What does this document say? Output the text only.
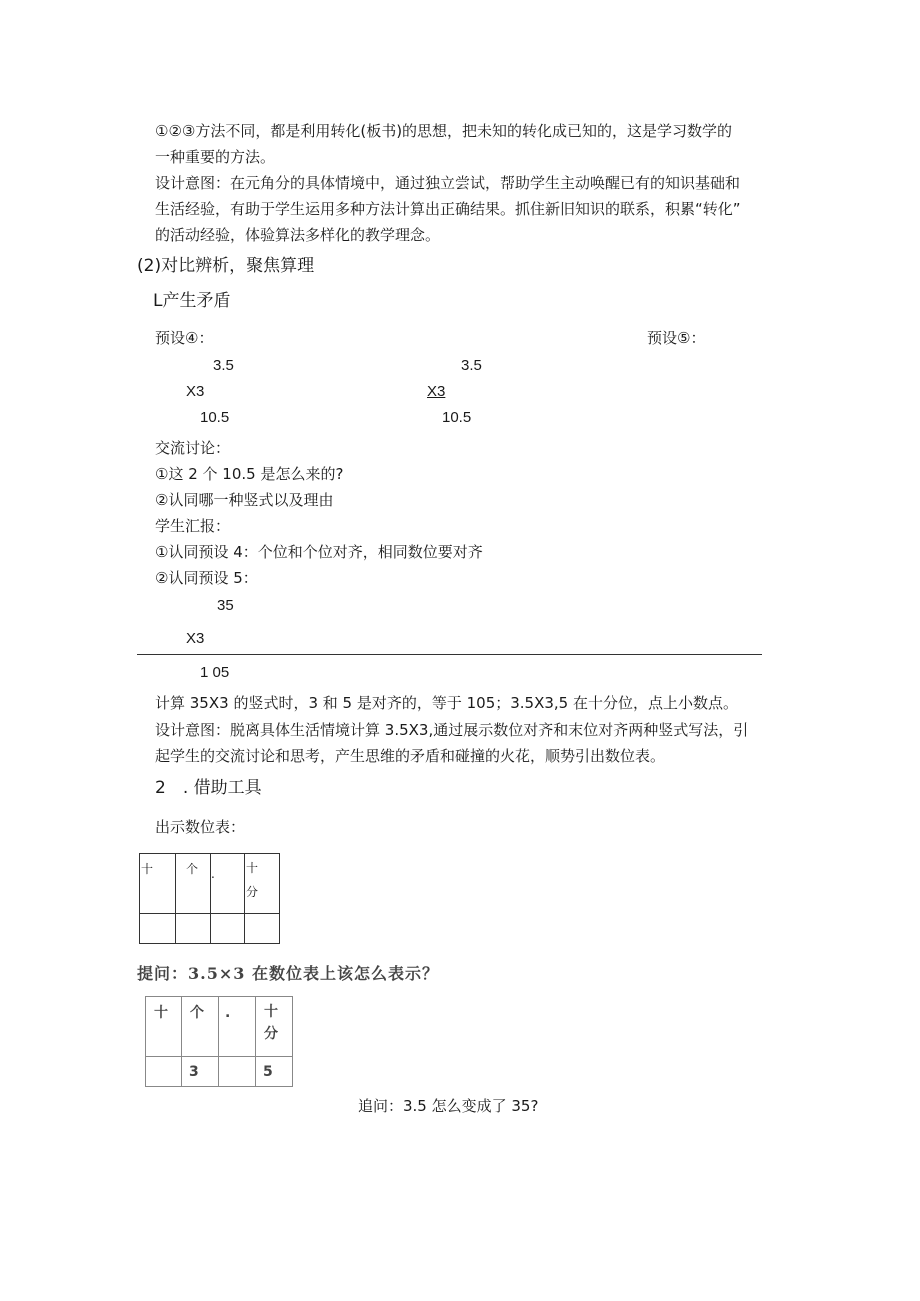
①②③方法不同，都是利用转化(板书)的思想，把未知的转化成已知的，这是学习数学的
一种重要的方法。
设计意图：在元角分的具体情境中，通过独立尝试，帮助学生主动唤醒已有的知识基础和
生活经验，有助于学生运用多种方法计算出正确结果。抓住新旧知识的联系，积累“转化”
的活动经验，体验算法多样化的教学理念。
(2)对比辨析，聚焦算理
L产生矛盾
预设④：	预设⑤：
3.5
X3
10.5
3.5
X3
10.5
交流讨论：
①这 2 个 10.5 是怎么来的?
②认同哪一种竖式以及理由
学生汇报：
①认同预设 4：个位和个位对齐，相同数位要对齐
②认同预设 5：
35
X3
1 05
计算 35X3 的竖式时，3 和 5 是对齐的，等于 105；3.5X3,5 在十分位，点上小数点。
设计意图：脱离具体生活情境计算 3.5X3,通过展示数位对齐和末位对齐两种竖式写法，引
起学生的交流讨论和思考，产生思维的矛盾和碰撞的火花，顺势引出数位表。
2　. 借助工具
出示数位表：
十	个	.	十
分

提问：3.5×3 在数位表上该怎么表示？
十	个	.	十
分

	3		5
追问：3.5 怎么变成了 35?
